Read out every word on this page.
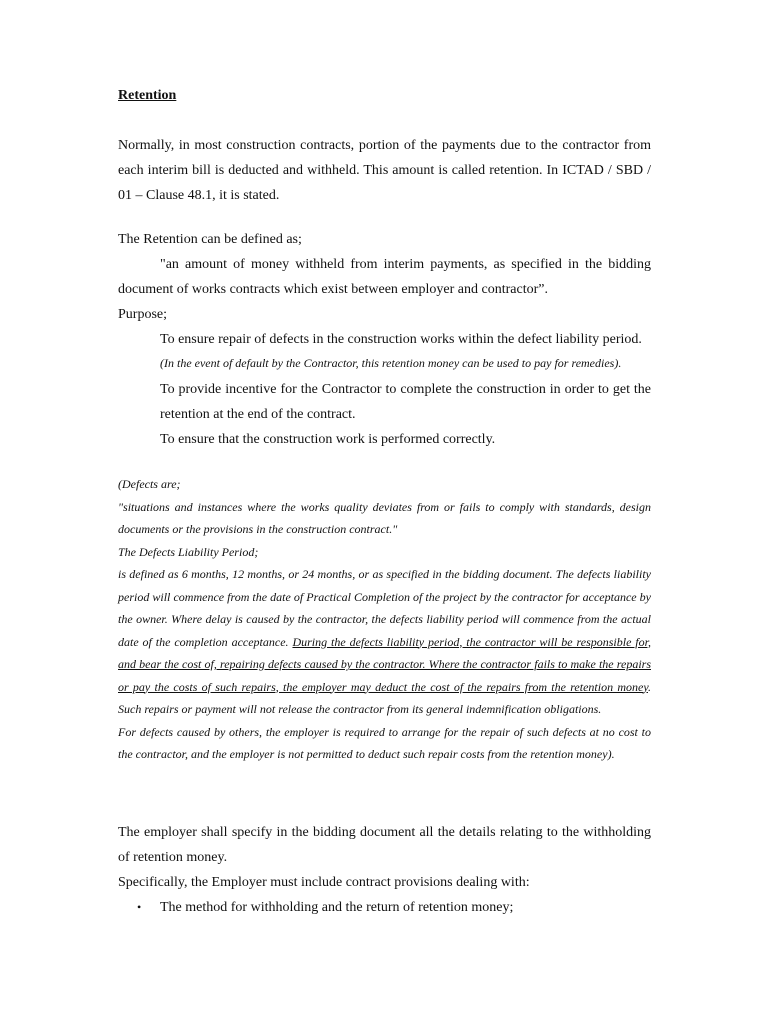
Retention

Normally, in most construction contracts, portion of the payments due to the contractor from each interim bill is deducted and withheld. This amount is called retention. In ICTAD / SBD / 01 – Clause 48.1, it is stated.

The Retention can be defined as;

"an amount of money withheld from interim payments, as specified in the bidding document of works contracts which exist between employer and contractor”.

Purpose;

To ensure repair of defects in the construction works within the defect liability period.

(In the event of default by the Contractor, this retention money can be used to pay for remedies).

To provide incentive for the Contractor to complete the construction in order to get the retention at the end of the contract.

To ensure that the construction work is performed correctly.

(Defects are;

"situations and instances where the works quality deviates from or fails to comply with standards, design documents or the provisions in the construction contract."

The Defects Liability Period;

is defined as 6 months, 12 months, or 24 months, or as specified in the bidding document. The defects liability period will commence from the date of Practical Completion of the project by the contractor for acceptance by the owner. Where delay is caused by the contractor, the defects liability period will commence from the actual date of the completion acceptance. During the defects liability period, the contractor will be responsible for, and bear the cost of, repairing defects caused by the contractor. Where the contractor fails to make the repairs or pay the costs of such repairs, the employer may deduct the cost of the repairs from the retention money. Such repairs or payment will not release the contractor from its general indemnification obligations.

For defects caused by others, the employer is required to arrange for the repair of such defects at no cost to the contractor, and the employer is not permitted to deduct such repair costs from the retention money).

The employer shall specify in the bidding document all the details relating to the withholding of retention money.

Specifically, the Employer must include contract provisions dealing with:

• The method for withholding and the return of retention money;
